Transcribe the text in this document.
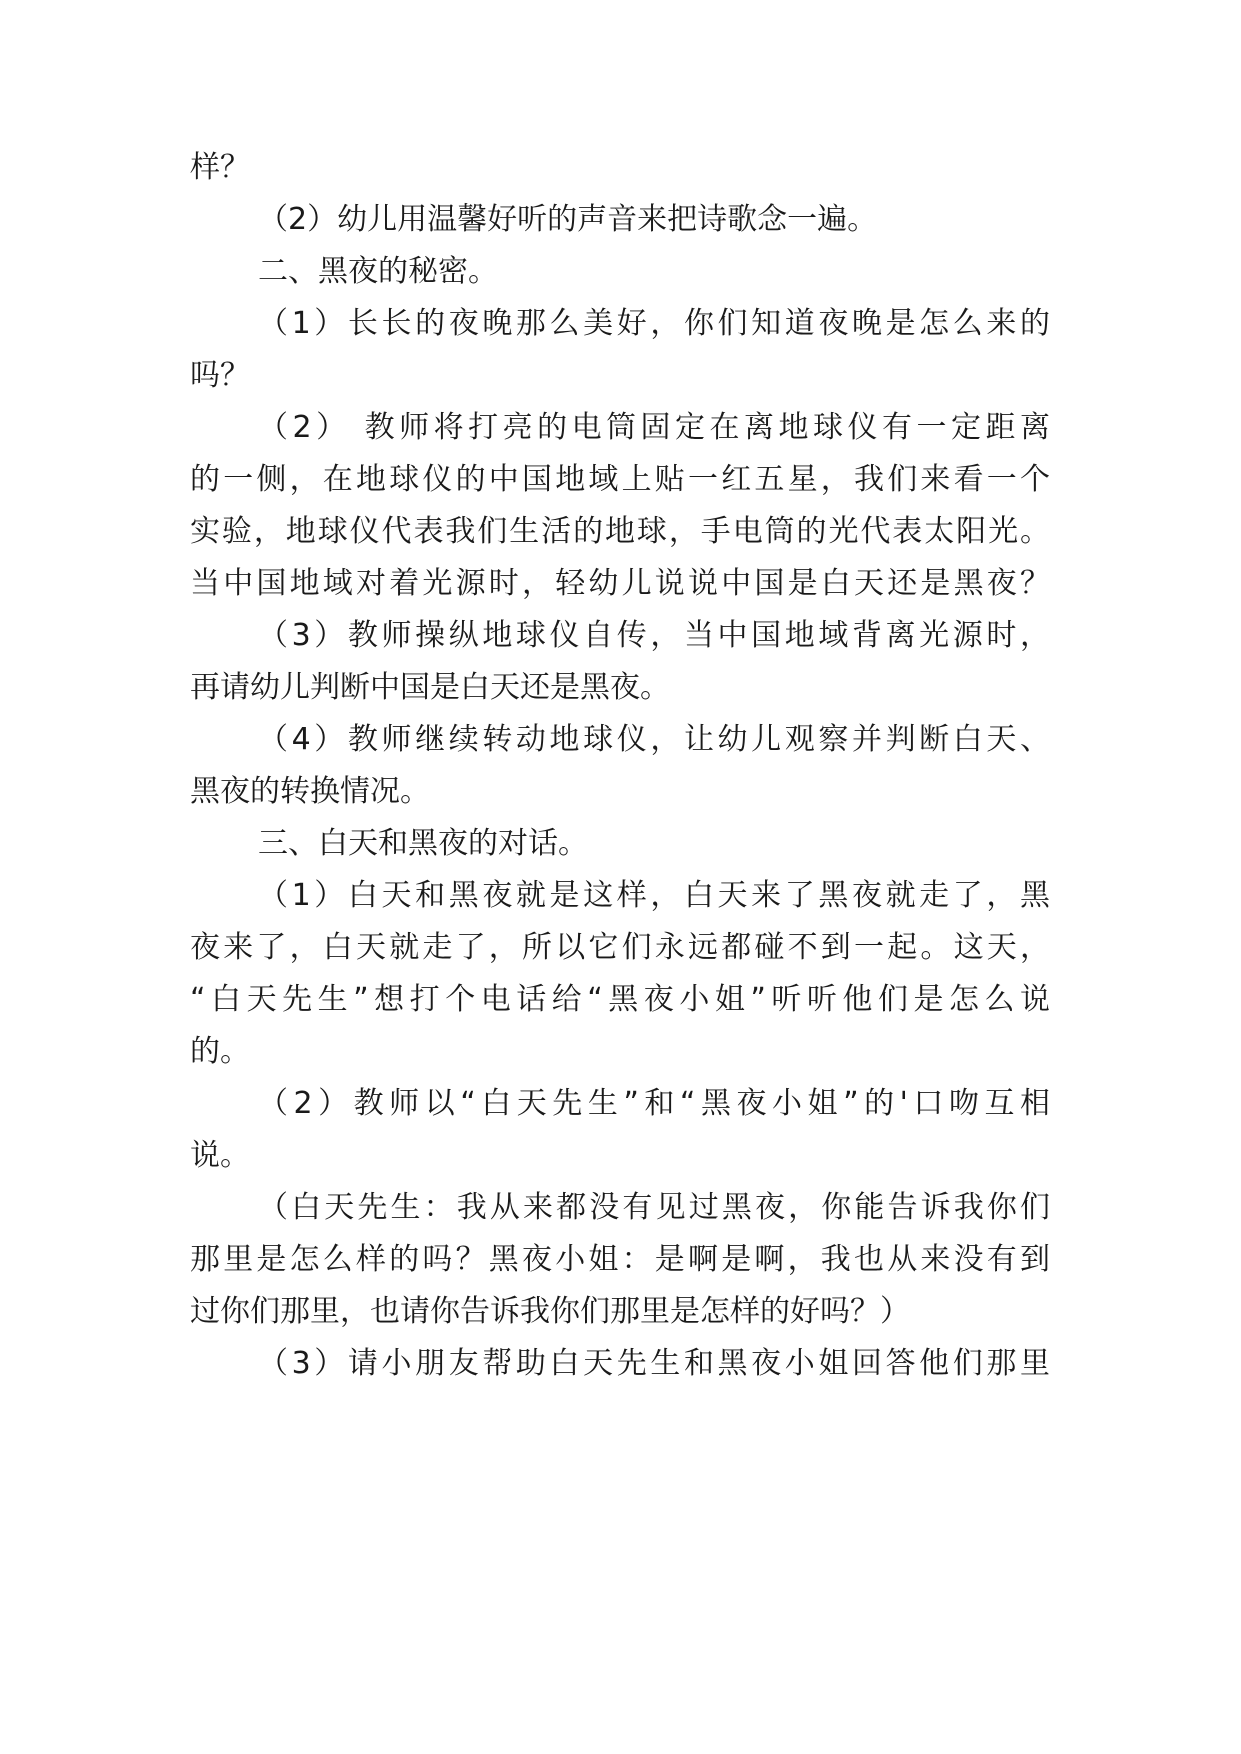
样？
（2）幼儿用温馨好听的声音来把诗歌念一遍。
二、黑夜的秘密。
（1）长长的夜晚那么美好，你们知道夜晚是怎么来的
吗？
（2） 教师将打亮的电筒固定在离地球仪有一定距离
的一侧，在地球仪的中国地域上贴一红五星，我们来看一个
实验，地球仪代表我们生活的地球，手电筒的光代表太阳光。
当中国地域对着光源时，轻幼儿说说中国是白天还是黑夜？
（3）教师操纵地球仪自传，当中国地域背离光源时，
再请幼儿判断中国是白天还是黑夜。
（4）教师继续转动地球仪，让幼儿观察并判断白天、
黑夜的转换情况。
三、白天和黑夜的对话。
（1）白天和黑夜就是这样，白天来了黑夜就走了，黑
夜来了，白天就走了，所以它们永远都碰不到一起。这天，
“白天先生”想打个电话给“黑夜小姐”听听他们是怎么说
的。
（2）教师以“白天先生”和“黑夜小姐”的'口吻互相
说。
（白天先生：我从来都没有见过黑夜，你能告诉我你们
那里是怎么样的吗？黑夜小姐：是啊是啊，我也从来没有到
过你们那里，也请你告诉我你们那里是怎样的好吗？）
（3）请小朋友帮助白天先生和黑夜小姐回答他们那里
